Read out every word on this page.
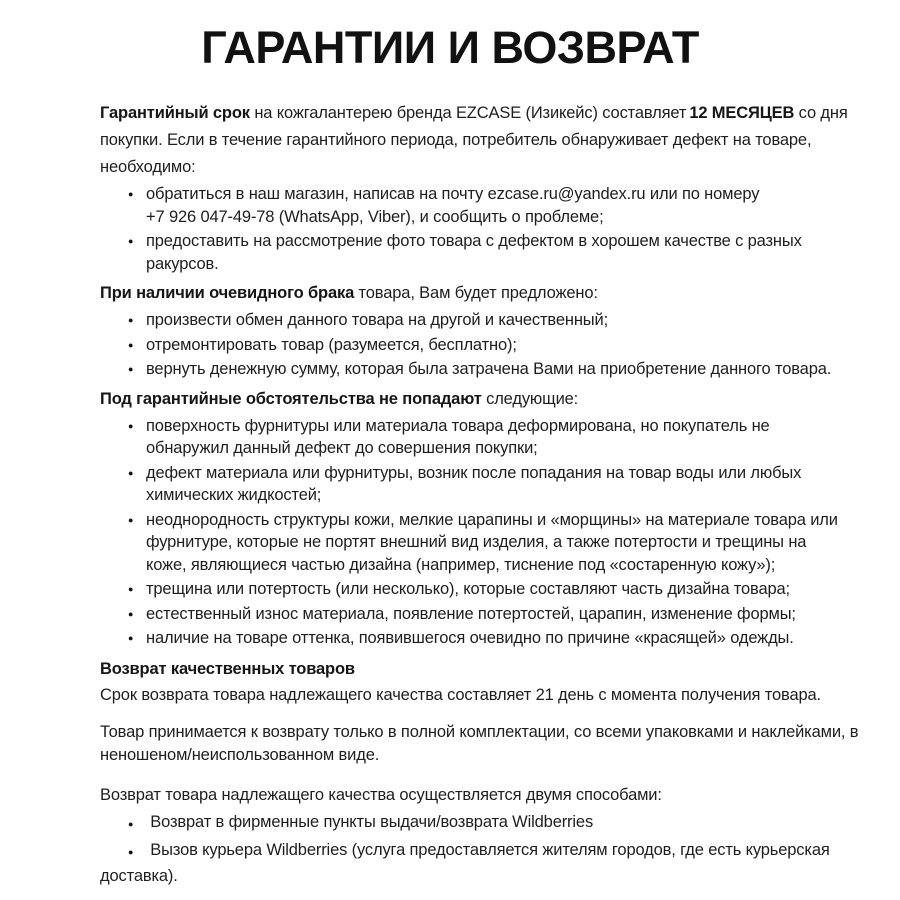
ГАРАНТИИ И ВОЗВРАТ

Гарантийный срок на кожгалантерею бренда EZCASE (Изикейс) составляет 12 МЕСЯЦЕВ со дня покупки. Если в течение гарантийного периода, потребитель обнаруживает дефект на товаре, необходимо:

● обратиться в наш магазин, написав на почту ezcase.ru@yandex.ru или по номеру +7 926 047-49-78 (WhatsApp, Viber), и сообщить о проблеме;
● предоставить на рассмотрение фото товара с дефектом в хорошем качестве с разных ракурсов.

При наличии очевидного брака товара, Вам будет предложено:

● произвести обмен данного товара на другой и качественный;
● отремонтировать товар (разумеется, бесплатно);
● вернуть денежную сумму, которая была затрачена Вами на приобретение данного товара.

Под гарантийные обстоятельства не попадают следующие:

● поверхность фурнитуры или материала товара деформирована, но покупатель не обнаружил данный дефект до совершения покупки;
● дефект материала или фурнитуры, возник после попадания на товар воды или любых химических жидкостей;
● неоднородность структуры кожи, мелкие царапины и «морщины» на материале товара или фурнитуре, которые не портят внешний вид изделия, а также потертости и трещины на коже, являющиеся частью дизайна (например, тиснение под «состаренную кожу»);
● трещина или потертость (или несколько), которые составляют часть дизайна товара;
● естественный износ материала, появление потертостей, царапин, изменение формы;
● наличие на товаре оттенка, появившегося очевидно по причине «красящей» одежды.

Возврат качественных товаров

Срок возврата товара надлежащего качества составляет 21 день с момента получения товара.

Товар принимается к возврату только в полной комплектации, со всеми упаковками и наклейками, в неношеном/неиспользованном виде.

Возврат товара надлежащего качества осуществляется двумя способами:

● Возврат в фирменные пункты выдачи/возврата Wildberries
● Вызов курьера Wildberries (услуга предоставляется жителям городов, где есть курьерская доставка).
